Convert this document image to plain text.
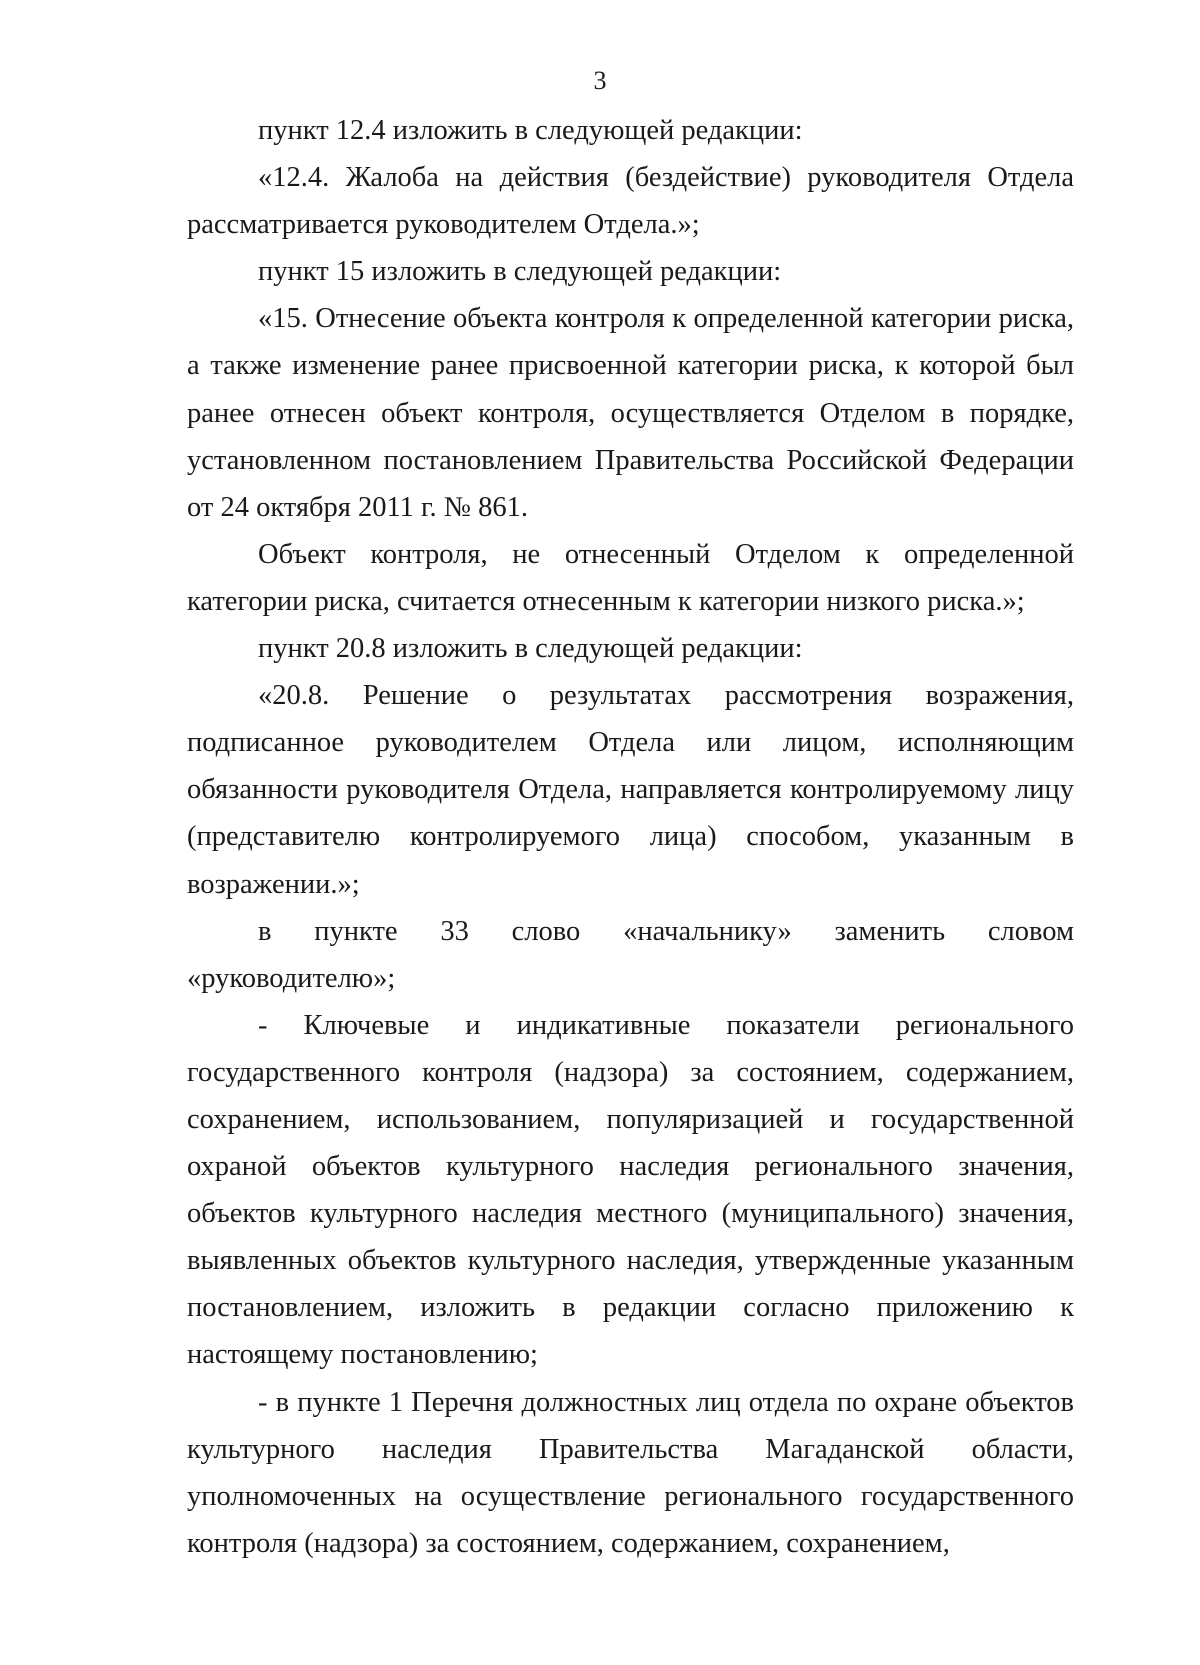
3

пункт 12.4 изложить в следующей редакции:

«12.4. Жалоба на действия (бездействие) руководителя Отдела рассматривается руководителем Отдела.»;

пункт 15 изложить в следующей редакции:

«15. Отнесение объекта контроля к определенной категории риска, а также изменение ранее присвоенной категории риска, к которой был ранее отнесен объект контроля, осуществляется Отделом в порядке, установленном постановлением Правительства Российской Федерации от 24 октября 2011 г. № 861.

Объект контроля, не отнесенный Отделом к определенной категории риска, считается отнесенным к категории низкого риска.»;

пункт 20.8 изложить в следующей редакции:

«20.8. Решение о результатах рассмотрения возражения, подписанное руководителем Отдела или лицом, исполняющим обязанности руководителя Отдела, направляется контролируемому лицу (представителю контролируемого лица) способом, указанным в возражении.»;

в пункте 33 слово «начальнику» заменить словом «руководителю»;

- Ключевые и индикативные показатели регионального государственного контроля (надзора) за состоянием, содержанием, сохранением, использованием, популяризацией и государственной охраной объектов культурного наследия регионального значения, объектов культурного наследия местного (муниципального) значения, выявленных объектов культурного наследия, утвержденные указанным постановлением, изложить в редакции согласно приложению к настоящему постановлению;

- в пункте 1 Перечня должностных лиц отдела по охране объектов культурного наследия Правительства Магаданской области, уполномоченных на осуществление регионального государственного контроля (надзора) за состоянием, содержанием, сохранением,
